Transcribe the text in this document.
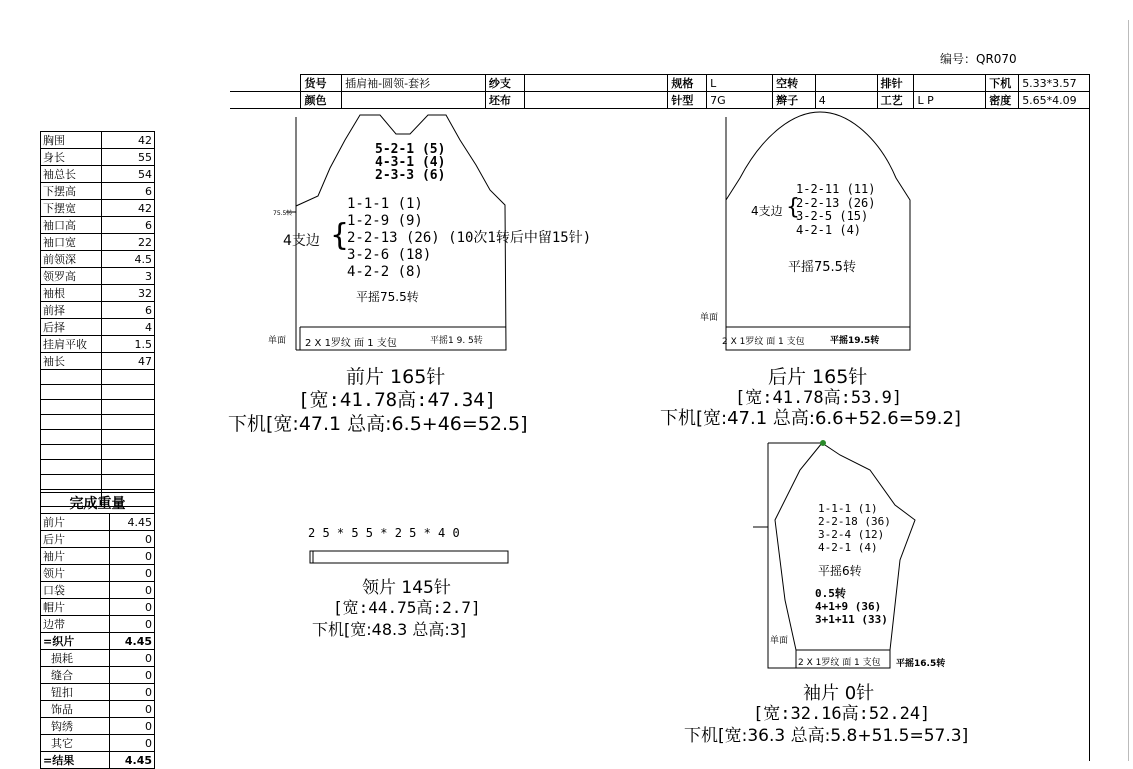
编号：QR070
	货号	插肩袖-圆领-套衫	纱支		规格	L	空转		排针		下机	5.33*3.57
	颜色		坯布		针型	7G	辫子	4	工艺	L P	密度	5.65*4.09
胸围	42
身长	55
袖总长	54
下摆高	6
下摆宽	42
袖口高	6
袖口宽	22
前领深	4.5
领罗高	3
袖根	32
前择	6
后择	4
挂肩平收	1.5
袖长	47

完成重量	
前片	4.45
后片	0
袖片	0
领片	0
口袋	0
帽片	0
边带	0
=织片	4.45
损耗	0
缝合	0
钮扣	0
饰品	0
钩绣	0
其它	0
=结果	4.45
5-2-1 (5)
4-3-1 (4)
2-3-3 (6)
4支边 {
1-1-1 (1)
1-2-9 (9)
2-2-13 (26) (10次1转后中留15针)
3-2-6 (18)
4-2-2 (8)
平摇75.5转
2 X 1罗纹 面 1 支包	平摇1 9. 5转
单面
75.5转
前片 165针
[宽:41.78高:47.34]
下机[宽:47.1 总高:6.5+46=52.5]
4支边 {
1-2-11 (11)
2-2-13 (26)
3-2-5 (15)
4-2-1 (4)
平摇75.5转
2 X 1罗纹 面 1 支包	平摇19.5转
单面
后片 165针
[宽:41.78高:53.9]
下机[宽:47.1 总高:6.6+52.6=59.2]
2 5 * 5 5 * 2 5 * 4 0
领片 145针
[宽:44.75高:2.7]
下机[宽:48.3 总高:3]
1-1-1 (1)
2-2-18 (36)
3-2-4 (12)
4-2-1 (4)
平摇6转
0.5转
4+1+9 (36)
3+1+11 (33)
2 X 1罗纹 面 1 支包 平摇16.5转
单面
袖片 0针
[宽:32.16高:52.24]
下机[宽:36.3 总高:5.8+51.5=57.3]
